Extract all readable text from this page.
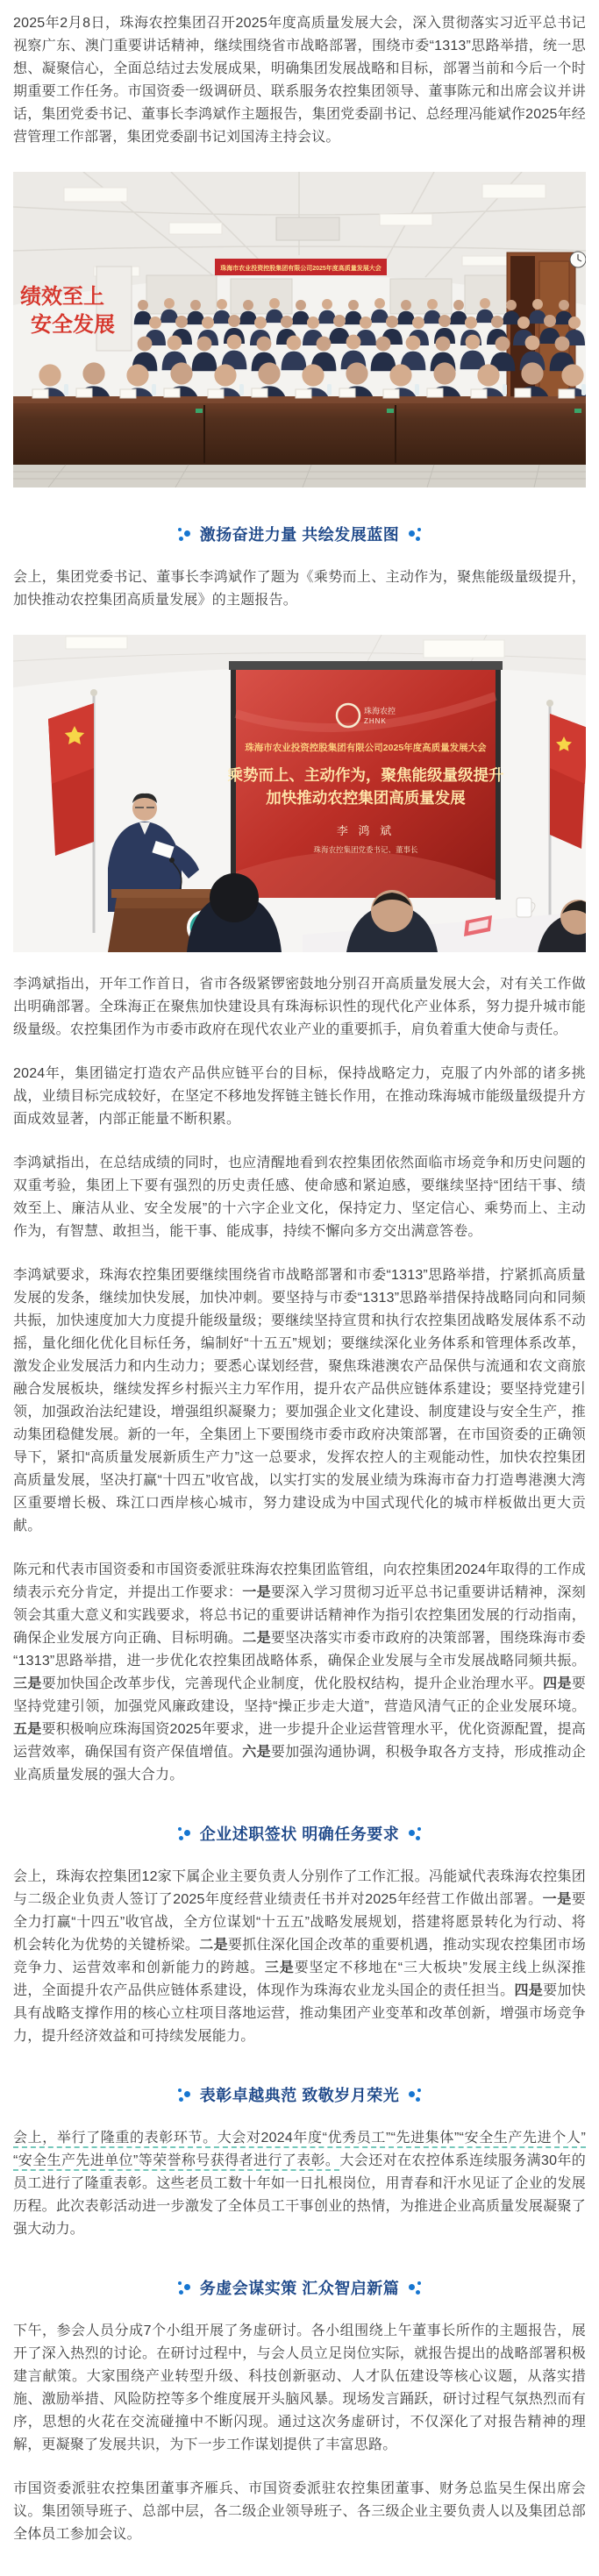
2025年2月8日，珠海农控集团召开2025年度高质量发展大会，深入贯彻落实习近平总书记视察广东、澳门重要讲话精神，继续围绕省市战略部署，围绕市委“1313”思路举措，统一思想、凝聚信心，全面总结过去发展成果，明确集团发展战略和目标，部署当前和今后一个时期重要工作任务。市国资委一级调研员、联系服务农控集团领导、董事陈元和出席会议并讲话，集团党委书记、董事长李鸿斌作主题报告，集团党委副书记、总经理冯能斌作2025年经营管理工作部署，集团党委副书记刘国涛主持会议。

珠海市农业投资控股集团有限公司2025年度高质量发展大会
绩效至上
安全发展
激扬奋进力量 共绘发展蓝图

会上，集团党委书记、董事长李鸿斌作了题为《乘势而上、主动作为，聚焦能级量级提升，加快推动农控集团高质量发展》的主题报告。

珠海农控
ZHNK
珠海市农业投资控股集团有限公司2025年度高质量发展大会
乘势而上、主动作为，聚焦能级量级提升
加快推动农控集团高质量发展
李 鸿 斌
珠海农控集团党委书记、董事长

李鸿斌指出，开年工作首日，省市各级紧锣密鼓地分别召开高质量发展大会，对有关工作做出明确部署。全珠海正在聚焦加快建设具有珠海标识性的现代化产业体系，努力提升城市能级量级。农控集团作为市委市政府在现代农业产业的重要抓手，肩负着重大使命与责任。

2024年，集团锚定打造农产品供应链平台的目标，保持战略定力，克服了内外部的诸多挑战，业绩目标完成较好，在坚定不移地发挥链主链长作用，在推动珠海城市能级量级提升方面成效显著，内部正能量不断积累。

李鸿斌指出，在总结成绩的同时，也应清醒地看到农控集团依然面临市场竞争和历史问题的双重考验，集团上下要有强烈的历史责任感、使命感和紧迫感，要继续坚持“团结干事、绩效至上、廉洁从业、安全发展”的十六字企业文化，保持定力、坚定信心、乘势而上、主动作为，有智慧、敢担当，能干事、能成事，持续不懈向多方交出满意答卷。

李鸿斌要求，珠海农控集团要继续围绕省市战略部署和市委“1313”思路举措，拧紧抓高质量发展的发条，继续加快发展，加快冲刺。要坚持与市委“1313”思路举措保持战略同向和同频共振，加快速度加大力度提升能级量级；要继续坚持宣贯和执行农控集团战略发展体系不动摇，量化细化优化目标任务，编制好“十五五”规划；要继续深化业务体系和管理体系改革，激发企业发展活力和内生动力；要悉心谋划经营，聚焦珠港澳农产品保供与流通和农文商旅融合发展板块，继续发挥乡村振兴主力军作用，提升农产品供应链体系建设；要坚持党建引领，加强政治法纪建设，增强组织凝聚力；要加强企业文化建设、制度建设与安全生产，推动集团稳健发展。新的一年，全集团上下要围绕市委市政府决策部署，在市国资委的正确领导下，紧扣“高质量发展新质生产力”这一总要求，发挥农控人的主观能动性，加快农控集团高质量发展，坚决打赢“十四五”收官战，以实打实的发展业绩为珠海市奋力打造粤港澳大湾区重要增长极、珠江口西岸核心城市，努力建设成为中国式现代化的城市样板做出更大贡献。

陈元和代表市国资委和市国资委派驻珠海农控集团监管组，向农控集团2024年取得的工作成绩表示充分肯定，并提出工作要求：一是要深入学习贯彻习近平总书记重要讲话精神，深刻领会其重大意义和实践要求，将总书记的重要讲话精神作为指引农控集团发展的行动指南，确保企业发展方向正确、目标明确。二是要坚决落实市委市政府的决策部署，围绕珠海市委“1313”思路举措，进一步优化农控集团战略体系，确保企业发展与全市发展战略同频共振。三是要加快国企改革步伐，完善现代企业制度，优化股权结构，提升企业治理水平。四是要坚持党建引领，加强党风廉政建设，坚持“操正步走大道”，营造风清气正的企业发展环境。五是要积极响应珠海国资2025年要求，进一步提升企业运营管理水平，优化资源配置，提高运营效率，确保国有资产保值增值。六是要加强沟通协调，积极争取各方支持，形成推动企业高质量发展的强大合力。

企业述职签状 明确任务要求

会上，珠海农控集团12家下属企业主要负责人分别作了工作汇报。冯能斌代表珠海农控集团与二级企业负责人签订了2025年度经营业绩责任书并对2025年经营工作做出部署。一是要全力打赢“十四五”收官战，全方位谋划“十五五”战略发展规划，搭建将愿景转化为行动、将机会转化为优势的关键桥梁。二是要抓住深化国企改革的重要机遇，推动实现农控集团市场竞争力、运营效率和创新能力的跨越。三是要坚定不移地在“三大板块”发展主线上纵深推进，全面提升农产品供应链体系建设，体现作为珠海农业龙头国企的责任担当。四是要加快具有战略支撑作用的核心立柱项目落地运营，推动集团产业变革和改革创新，增强市场竞争力，提升经济效益和可持续发展能力。

表彰卓越典范 致敬岁月荣光

会上，举行了隆重的表彰环节。大会对2024年度“优秀员工”“先进集体”“安全生产先进个人”“安全生产先进单位”等荣誉称号获得者进行了表彰。大会还对在农控体系连续服务满30年的员工进行了隆重表彰。这些老员工数十年如一日扎根岗位，用青春和汗水见证了企业的发展历程。此次表彰活动进一步激发了全体员工干事创业的热情，为推进企业高质量发展凝聚了强大动力。

务虚会谋实策 汇众智启新篇

下午，参会人员分成7个小组开展了务虚研讨。各小组围绕上午董事长所作的主题报告，展开了深入热烈的讨论。在研讨过程中，与会人员立足岗位实际，就报告提出的战略部署积极建言献策。大家围绕产业转型升级、科技创新驱动、人才队伍建设等核心议题，从落实措施、激励举措、风险防控等多个维度展开头脑风暴。现场发言踊跃，研讨过程气氛热烈而有序，思想的火花在交流碰撞中不断闪现。通过这次务虚研讨，不仅深化了对报告精神的理解，更凝聚了发展共识，为下一步工作谋划提供了丰富思路。

市国资委派驻农控集团董事齐雁兵、市国资委派驻农控集团董事、财务总监吴生保出席会议。集团领导班子、总部中层，各二级企业领导班子、各三级企业主要负责人以及集团总部全体员工参加会议。
